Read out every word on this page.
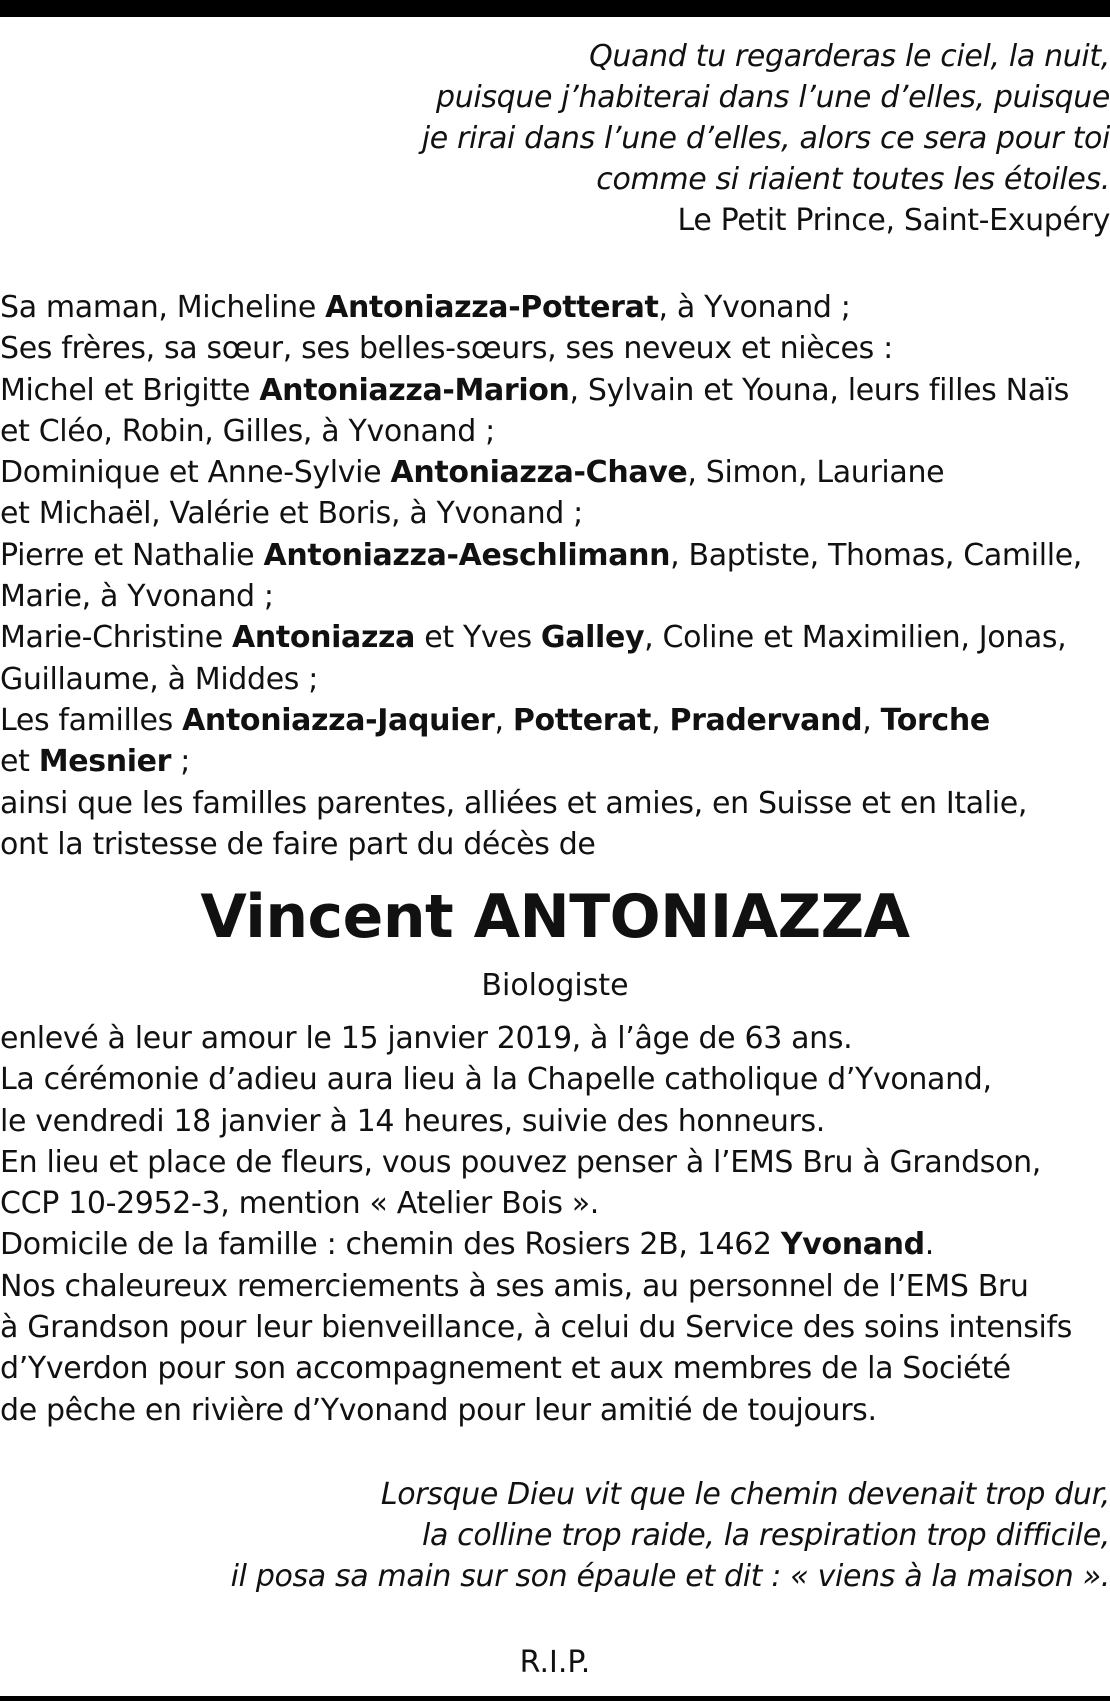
Quand tu regarderas le ciel, la nuit,
puisque j’habiterai dans l’une d’elles, puisque
je rirai dans l’une d’elles, alors ce sera pour toi
comme si riaient toutes les étoiles.
Le Petit Prince, Saint-Exupéry
Sa maman, Micheline Antoniazza-Potterat, à Yvonand ;
Ses frères, sa sœur, ses belles-sœurs, ses neveux et nièces :
Michel et Brigitte Antoniazza-Marion, Sylvain et Youna, leurs filles Naïs
et Cléo, Robin, Gilles, à Yvonand ;
Dominique et Anne-Sylvie Antoniazza-Chave, Simon, Lauriane
et Michaël, Valérie et Boris, à Yvonand ;
Pierre et Nathalie Antoniazza-Aeschlimann, Baptiste, Thomas, Camille,
Marie, à Yvonand ;
Marie-Christine Antoniazza et Yves Galley, Coline et Maximilien, Jonas,
Guillaume, à Middes ;
Les familles Antoniazza-Jaquier, Potterat, Pradervand, Torche
et Mesnier ;
ainsi que les familles parentes, alliées et amies, en Suisse et en Italie,
ont la tristesse de faire part du décès de
Vincent ANTONIAZZA
Biologiste
enlevé à leur amour le 15 janvier 2019, à l’âge de 63 ans.
La cérémonie d’adieu aura lieu à la Chapelle catholique d’Yvonand,
le vendredi 18 janvier à 14 heures, suivie des honneurs.
En lieu et place de fleurs, vous pouvez penser à l’EMS Bru à Grandson,
CCP 10-2952-3, mention « Atelier Bois ».
Domicile de la famille : chemin des Rosiers 2B, 1462 Yvonand.
Nos chaleureux remerciements à ses amis, au personnel de l’EMS Bru
à Grandson pour leur bienveillance, à celui du Service des soins intensifs
d’Yverdon pour son accompagnement et aux membres de la Société
de pêche en rivière d’Yvonand pour leur amitié de toujours.
Lorsque Dieu vit que le chemin devenait trop dur,
la colline trop raide, la respiration trop difficile,
il posa sa main sur son épaule et dit : « viens à la maison ».
R.I.P.
